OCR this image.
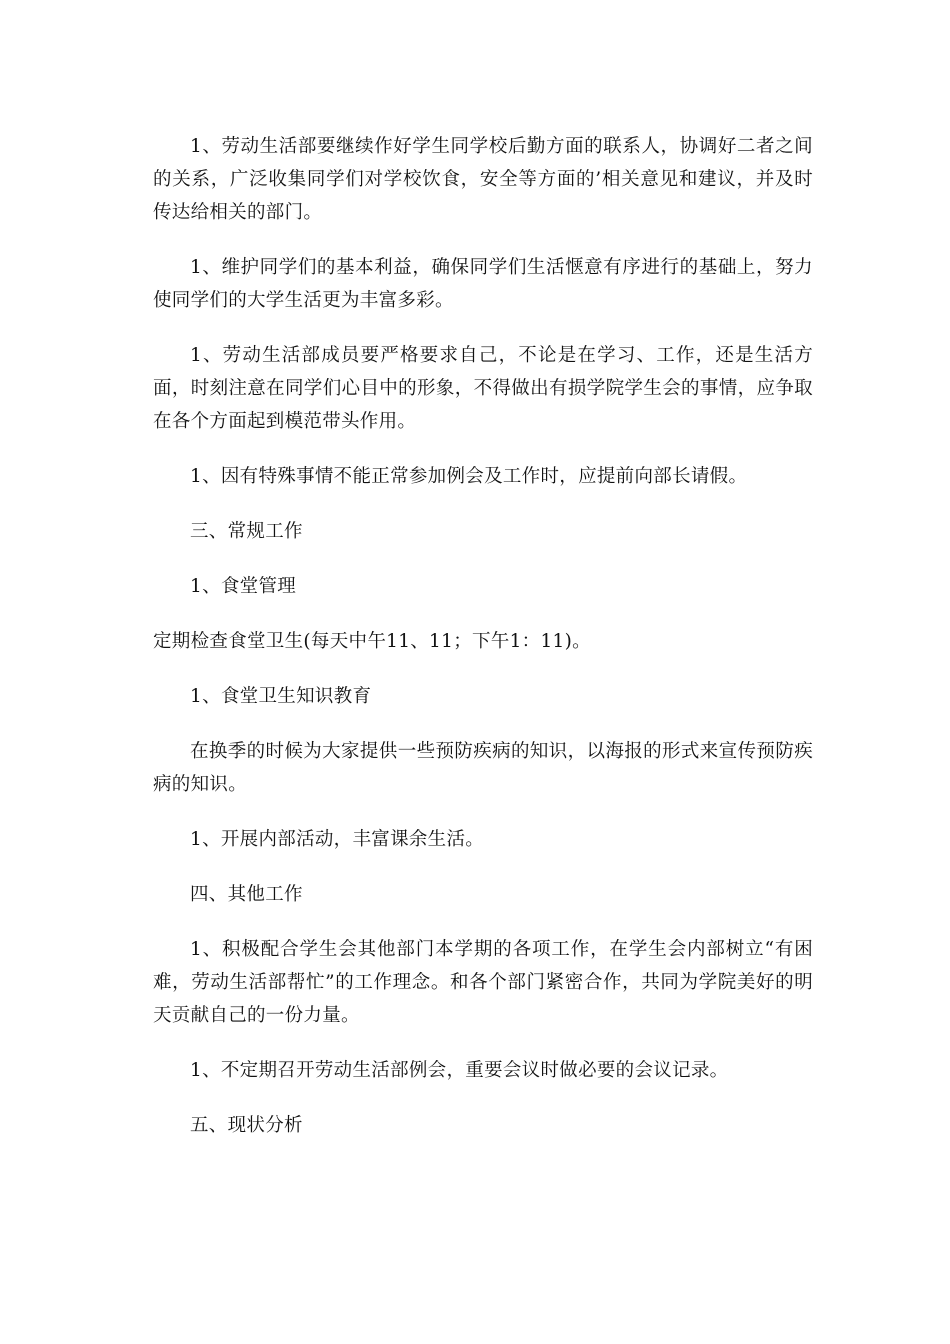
1、劳动生活部要继续作好学生同学校后勤方面的联系人，协调好二者之间的关系，广泛收集同学们对学校饮食，安全等方面的’相关意见和建议，并及时传达给相关的部门。

1、维护同学们的基本利益，确保同学们生活惬意有序进行的基础上，努力使同学们的大学生活更为丰富多彩。

1、劳动生活部成员要严格要求自己，不论是在学习、工作，还是生活方面，时刻注意在同学们心目中的形象，不得做出有损学院学生会的事情，应争取在各个方面起到模范带头作用。

1、因有特殊事情不能正常参加例会及工作时，应提前向部长请假。

三、常规工作

1、食堂管理

定期检查食堂卫生(每天中午11、11；下午1：11)。

1、食堂卫生知识教育

在换季的时候为大家提供一些预防疾病的知识，以海报的形式来宣传预防疾病的知识。

1、开展内部活动，丰富课余生活。

四、其他工作

1、积极配合学生会其他部门本学期的各项工作，在学生会内部树立“有困难，劳动生活部帮忙”的工作理念。和各个部门紧密合作，共同为学院美好的明天贡献自己的一份力量。

1、不定期召开劳动生活部例会，重要会议时做必要的会议记录。

五、现状分析
